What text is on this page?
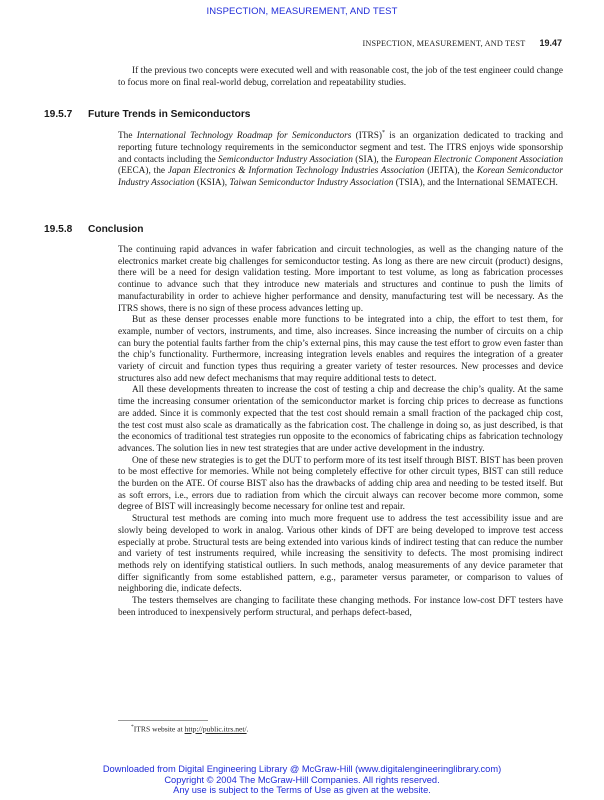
INSPECTION, MEASUREMENT, AND TEST
INSPECTION, MEASUREMENT, AND TEST 19.47

If the previous two concepts were executed well and with reasonable cost, the job of the test engineer could change to focus more on final real-world debug, correlation and repeatability studies.

19.5.7 Future Trends in Semiconductors

The International Technology Roadmap for Semiconductors (ITRS)* is an organization dedicated to tracking and reporting future technology requirements in the semiconductor segment and test. The ITRS enjoys wide sponsorship and contacts including the Semiconductor Industry Association (SIA), the European Electronic Component Association (EECA), the Japan Electronics & Information Technology Industries Association (JEITA), the Korean Semiconductor Industry Association (KSIA), Taiwan Semiconductor Industry Association (TSIA), and the International SEMATECH.

19.5.8 Conclusion

The continuing rapid advances in wafer fabrication and circuit technologies, as well as the changing nature of the electronics market create big challenges for semiconductor testing. As long as there are new circuit (product) designs, there will be a need for design validation testing. More important to test volume, as long as fabrication processes continue to advance such that they introduce new materials and structures and continue to push the limits of manufacturability in order to achieve higher performance and density, manufacturing test will be necessary. As the ITRS shows, there is no sign of these process advances letting up.

But as these denser processes enable more functions to be integrated into a chip, the effort to test them, for example, number of vectors, instruments, and time, also increases. Since increasing the number of circuits on a chip can bury the potential faults farther from the chip’s external pins, this may cause the test effort to grow even faster than the chip’s functionality. Furthermore, increasing integration levels enables and requires the integration of a greater variety of circuit and function types thus requiring a greater variety of tester resources. New processes and device structures also add new defect mechanisms that may require additional tests to detect.

All these developments threaten to increase the cost of testing a chip and decrease the chip’s quality. At the same time the increasing consumer orientation of the semiconductor market is forcing chip prices to decrease as functions are added. Since it is commonly expected that the test cost should remain a small fraction of the packaged chip cost, the test cost must also scale as dramatically as the fabrication cost. The challenge in doing so, as just described, is that the economics of traditional test strategies run opposite to the economics of fabricating chips as fabrication technology advances. The solution lies in new test strategies that are under active development in the industry.

One of these new strategies is to get the DUT to perform more of its test itself through BIST. BIST has been proven to be most effective for memories. While not being completely effective for other circuit types, BIST can still reduce the burden on the ATE. Of course BIST also has the drawbacks of adding chip area and needing to be tested itself. But as soft errors, i.e., errors due to radiation from which the circuit always can recover become more common, some degree of BIST will increasingly become necessary for online test and repair.

Structural test methods are coming into much more frequent use to address the test accessibility issue and are slowly being developed to work in analog. Various other kinds of DFT are being developed to improve test access especially at probe. Structural tests are being extended into various kinds of indirect testing that can reduce the number and variety of test instruments required, while increasing the sensitivity to defects. The most promising indirect methods rely on identifying statistical outliers. In such methods, analog measurements of any device parameter that differ significantly from some established pattern, e.g., parameter versus parameter, or comparison to values of neighboring die, indicate defects.

The testers themselves are changing to facilitate these changing methods. For instance low-cost DFT testers have been introduced to inexpensively perform structural, and perhaps defect-based,

*ITRS website at http://public.itrs.net/.
Downloaded from Digital Engineering Library @ McGraw-Hill (www.digitalengineeringlibrary.com)
Copyright © 2004 The McGraw-Hill Companies. All rights reserved.
Any use is subject to the Terms of Use as given at the website.
